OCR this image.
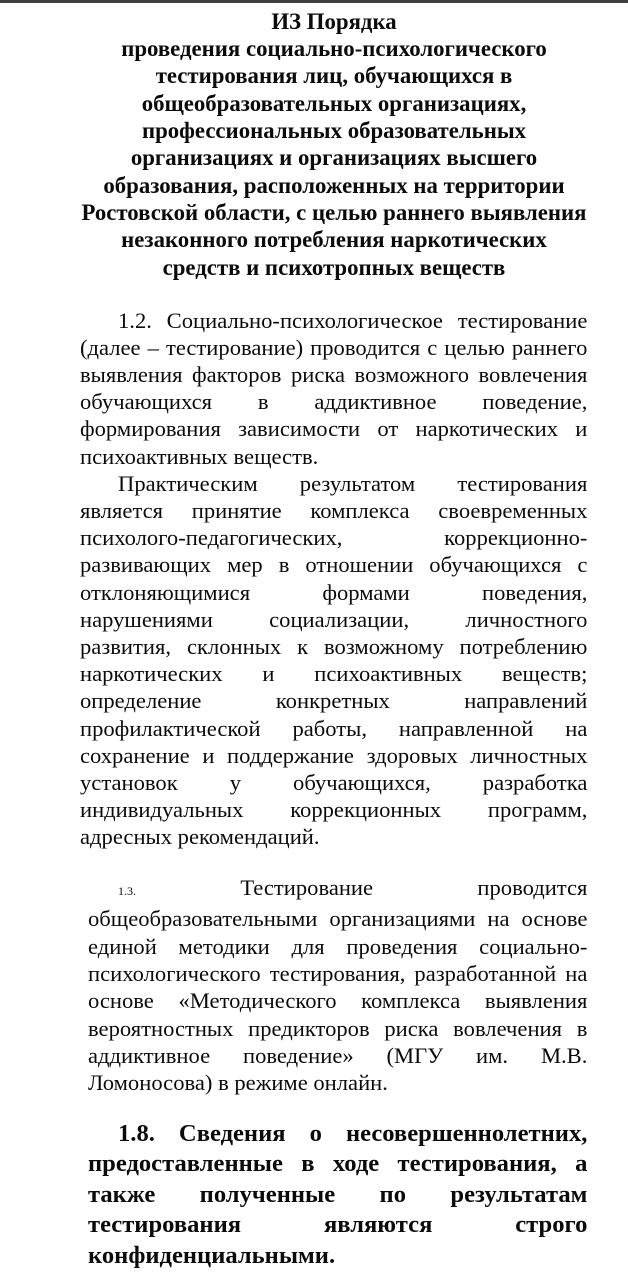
ИЗ Порядка
проведения социально-психологического
тестирования лиц, обучающихся в
общеобразовательных организациях,
профессиональных образовательных
организациях и организациях высшего
образования, расположенных на территории
Ростовской области, с целью раннего выявления
незаконного потребления наркотических
средств и психотропных веществ
1.2. Социально-психологическое тестирование
(далее – тестирование) проводится с целью раннего
выявления факторов риска возможного вовлечения
обучающихся в аддиктивное поведение,
формирования зависимости от наркотических и
психоактивных веществ.
Практическим результатом тестирования
является принятие комплекса своевременных
психолого-педагогических, коррекционно-
развивающих мер в отношении обучающихся с
отклоняющимися формами поведения,
нарушениями социализации, личностного
развития, склонных к возможному потреблению
наркотических и психоактивных веществ;
определение конкретных направлений
профилактической работы, направленной на
сохранение и поддержание здоровых личностных
установок у обучающихся, разработка
индивидуальных коррекционных программ,
адресных рекомендаций.
1.3.	Тестирование проводится
общеобразовательными организациями на основе
единой методики для проведения социально-
психологического тестирования, разработанной на
основе «Методического комплекса выявления
вероятностных предикторов риска вовлечения в
аддиктивное поведение» (МГУ им. М.В.
Ломоносова) в режиме онлайн.
1.8. Сведения о несовершеннолетних,
предоставленные в ходе тестирования, а
также полученные по результатам
тестирования являются строго
конфиденциальными.
